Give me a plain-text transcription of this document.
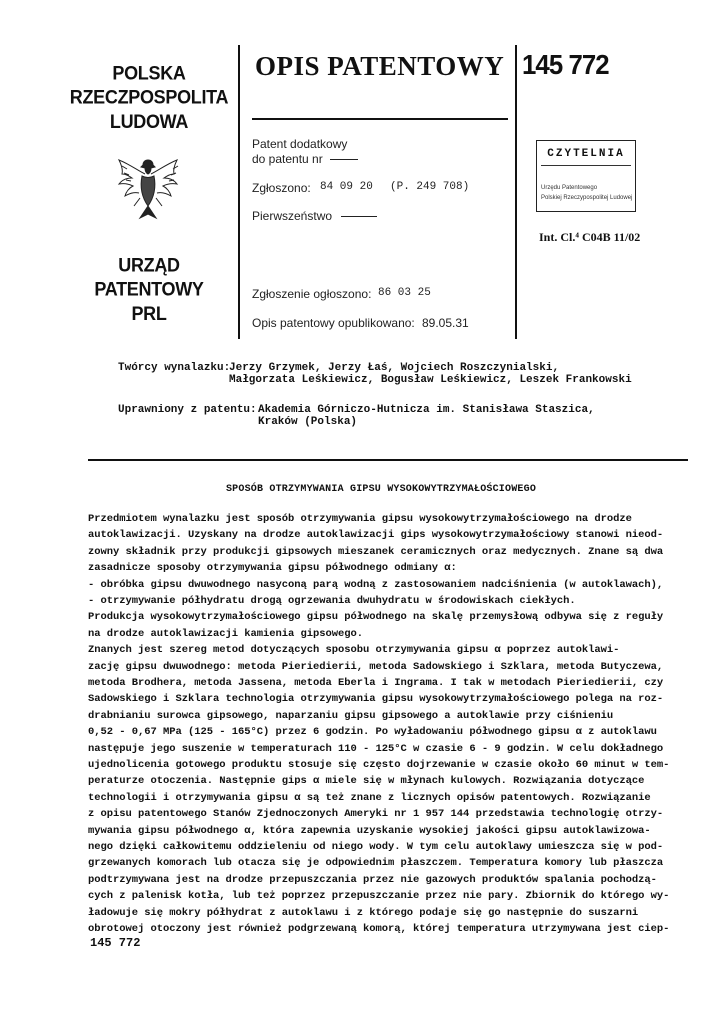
POLSKA
RZECZPOSPOLITA
LUDOWA
URZĄD
PATENTOWY
PRL
OPIS PATENTOWY
Patent dodatkowy
do patentu nr
Zgłoszono: 84 09 20 (P. 249 708)
Pierwszeństwo
Zgłoszenie ogłoszono: 86 03 25
Opis patentowy opublikowano: 89.05.31
145 772
CZYTELNIA
Urzędu Patentowego
Polskiej Rzeczypospolitej Ludowej
Int. Cl.⁴ C04B 11/02
Twórcy wynalazku:
Jerzy Grzymek, Jerzy Łaś, Wojciech Roszczynialski,
Małgorzata Leśkiewicz, Bogusław Leśkiewicz, Leszek Frankowski
Uprawniony z patentu: Akademia Górniczo-Hutnicza im. Stanisława Staszica,
Kraków (Polska)
SPOSÓB OTRZYMYWANIA GIPSU WYSOKOWYTRZYMAŁOŚCIOWEGO
Przedmiotem wynalazku jest sposób otrzymywania gipsu wysokowytrzymałościowego na drodze
autoklawizacji. Uzyskany na drodze autoklawizacji gips wysokowytrzymałościowy stanowi nieod-
zowny składnik przy produkcji gipsowych mieszanek ceramicznych oraz medycznych. Znane są dwa
zasadnicze sposoby otrzymywania gipsu półwodnego odmiany α:
- obróbka gipsu dwuwodnego nasyconą parą wodną z zastosowaniem nadciśnienia (w autoklawach),
- otrzymywanie półhydratu drogą ogrzewania dwuhydratu w środowiskach ciekłych.
Produkcja wysokowytrzymałościowego gipsu półwodnego na skalę przemysłową odbywa się z reguły
na drodze autoklawizacji kamienia gipsowego.
Znanych jest szereg metod dotyczących sposobu otrzymywania gipsu α poprzez autoklawi-
zację gipsu dwuwodnego: metoda Pieriedierii, metoda Sadowskiego i Szklara, metoda Butyczewa,
metoda Brodhera, metoda Jassena, metoda Eberla i Ingrama. I tak w metodach Pieriedierii, czy
Sadowskiego i Szklara technologia otrzymywania gipsu wysokowytrzymałościowego polega na roz-
drabnianiu surowca gipsowego, naparzaniu gipsu gipsowego a autoklawie przy ciśnieniu
0,52 - 0,67 MPa (125 - 165°C) przez 6 godzin. Po wyładowaniu półwodnego gipsu α z autoklawu
następuje jego suszenie w temperaturach 110 - 125°C w czasie 6 - 9 godzin. W celu dokładnego
ujednolicenia gotowego produktu stosuje się często dojrzewanie w czasie około 60 minut w tem-
peraturze otoczenia. Następnie gips α miele się w młynach kulowych. Rozwiązania dotyczące
technologii i otrzymywania gipsu α są też znane z licznych opisów patentowych. Rozwiązanie
z opisu patentowego Stanów Zjednoczonych Ameryki nr 1 957 144 przedstawia technologię otrzy-
mywania gipsu półwodnego α, która zapewnia uzyskanie wysokiej jakości gipsu autoklawizowa-
nego dzięki całkowitemu oddzieleniu od niego wody. W tym celu autoklawy umieszcza się w pod-
grzewanych komorach lub otacza się je odpowiednim płaszczem. Temperatura komory lub płaszcza
podtrzymywana jest na drodze przepuszczania przez nie gazowych produktów spalania pochodzą-
cych z palenisk kotła, lub też poprzez przepuszczanie przez nie pary. Zbiornik do którego wy-
ładowuje się mokry półhydrat z autoklawu i z którego podaje się go następnie do suszarni
obrotowej otoczony jest również podgrzewaną komorą, której temperatura utrzymywana jest ciep-
145 772
